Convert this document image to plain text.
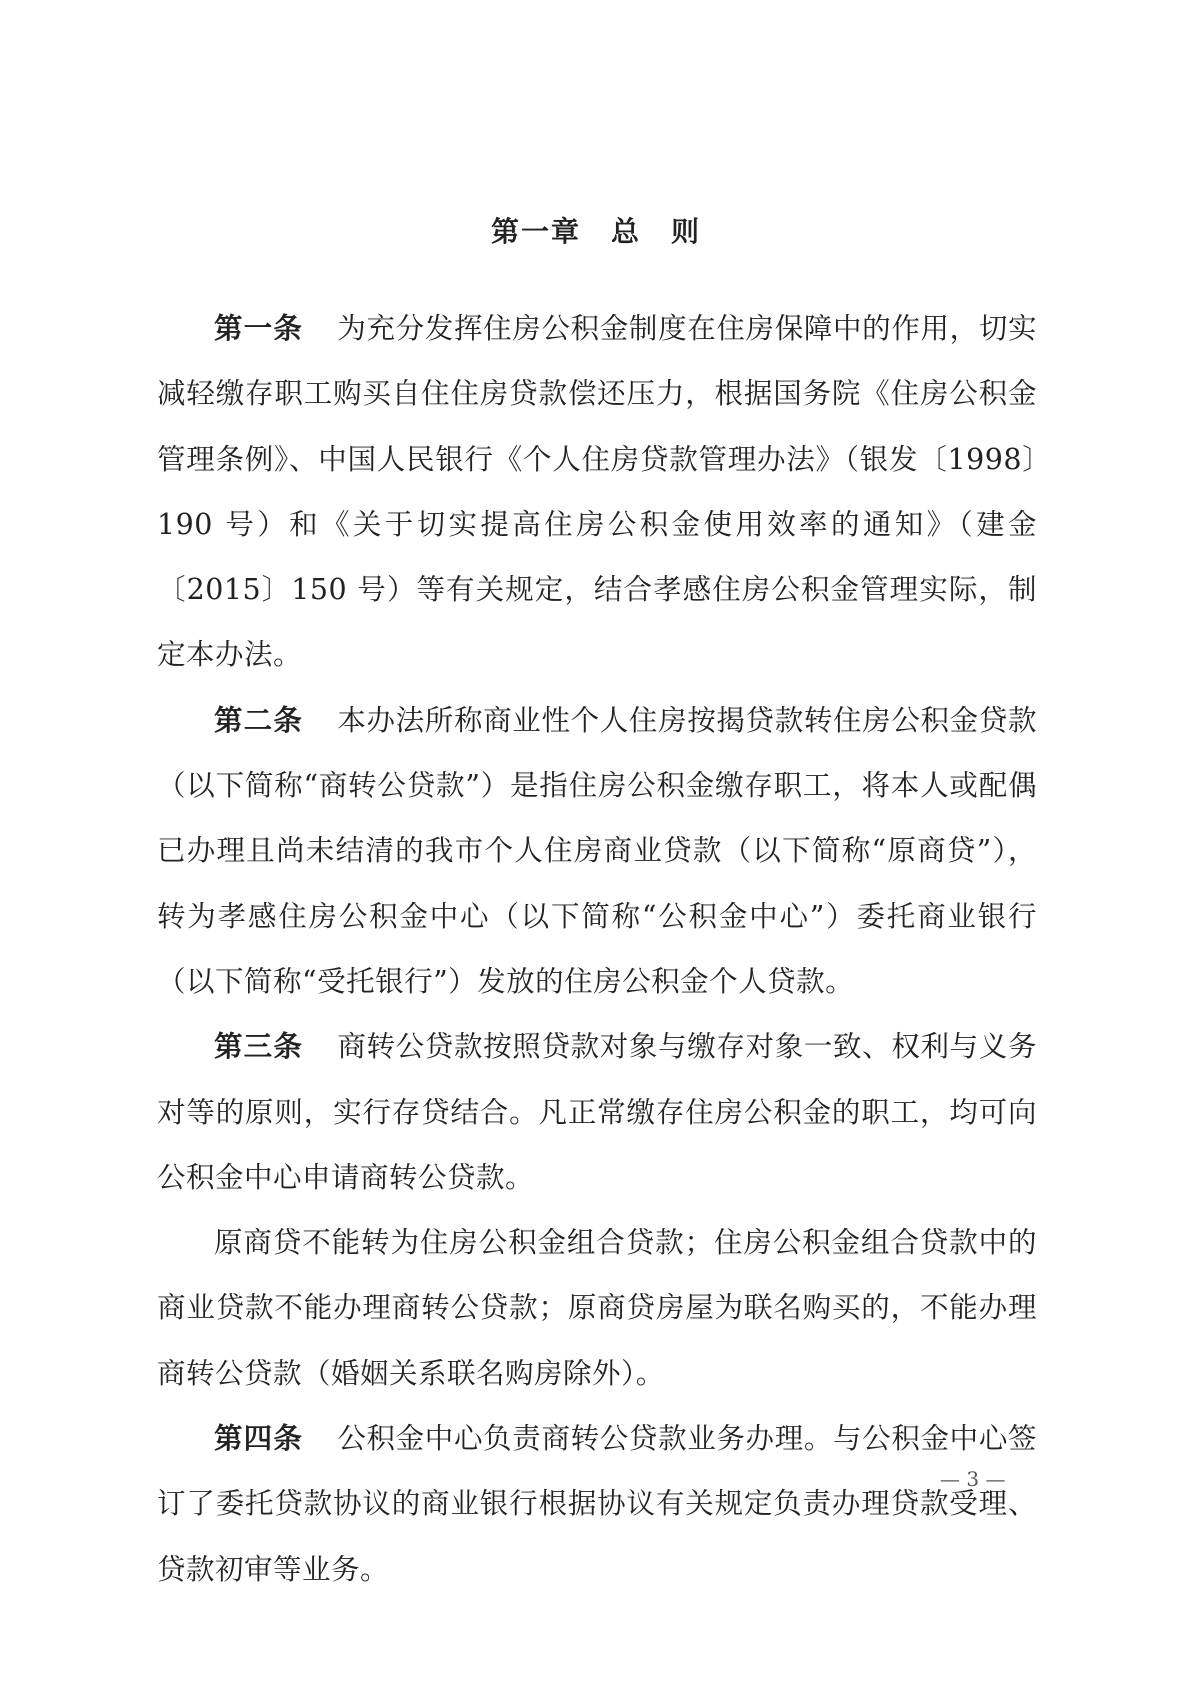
第一章　总　则

第一条 为充分发挥住房公积金制度在住房保障中的作用，切实减轻缴存职工购买自住住房贷款偿还压力，根据国务院《住房公积金管理条例》、中国人民银行《个人住房贷款管理办法》（银发〔1998〕190 号）和《关于切实提高住房公积金使用效率的通知》（建金〔2015〕150 号）等有关规定，结合孝感住房公积金管理实际，制定本办法。

第二条 本办法所称商业性个人住房按揭贷款转住房公积金贷款（以下简称“商转公贷款”）是指住房公积金缴存职工，将本人或配偶已办理且尚未结清的我市个人住房商业贷款（以下简称“原商贷”），转为孝感住房公积金中心（以下简称“公积金中心”）委托商业银行（以下简称“受托银行”）发放的住房公积金个人贷款。

第三条 商转公贷款按照贷款对象与缴存对象一致、权利与义务对等的原则，实行存贷结合。凡正常缴存住房公积金的职工，均可向公积金中心申请商转公贷款。

原商贷不能转为住房公积金组合贷款；住房公积金组合贷款中的商业贷款不能办理商转公贷款；原商贷房屋为联名购买的，不能办理商转公贷款（婚姻关系联名购房除外）。

第四条 公积金中心负责商转公贷款业务办理。与公积金中心签订了委托贷款协议的商业银行根据协议有关规定负责办理贷款受理、贷款初审等业务。

— 3 —
